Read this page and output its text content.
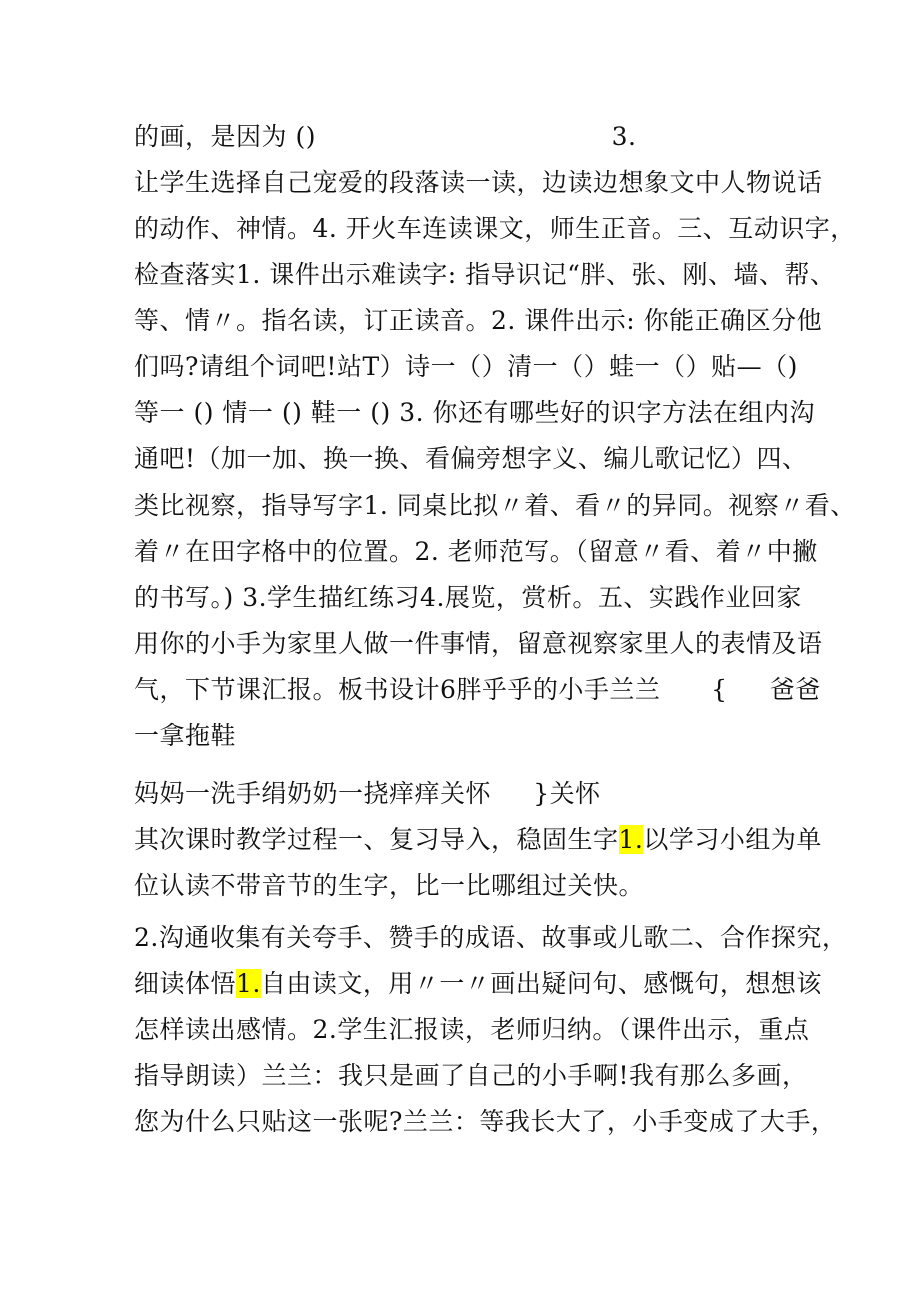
的画，是因为 ()                                   3.
让学生选择自己宠爱的段落读一读，边读边想象文中人物说话
的动作、神情。4. 开火车连读课文，师生正音。三、互动识字，
检查落实1. 课件出示难读字: 指导识记“胖、张、刚、墙、帮、
等、情〃。指名读，订正读音。2. 课件出示: 你能正确区分他
们吗?请组个词吧!站T）诗一（）清一（）蛙一（）贴—（)
等一 () 情一 () 鞋一 () 3. 你还有哪些好的识字方法在组内沟
通吧!（加一加、换一换、看偏旁想字义、编儿歌记忆）四、
类比视察，指导写字1. 同桌比拟〃着、看〃的异同。视察〃看、
着〃在田字格中的位置。2. 老师范写。（留意〃看、着〃中撇
的书写。) 3.学生描红练习4.展览，赏析。五、实践作业回家
用你的小手为家里人做一件事情，留意视察家里人的表情及语
气，下节课汇报。板书设计6胖乎乎的小手兰兰      {     爸爸
一拿拖鞋
妈妈一洗手绢奶奶一挠痒痒关怀     }关怀
其次课时教学过程一、复习导入，稳固生字1.以学习小组为单
位认读不带音节的生字，比一比哪组过关快。
2.沟通收集有关夸手、赞手的成语、故事或儿歌二、合作探究，
细读体悟1.自由读文，用〃一〃画出疑问句、感慨句，想想该
怎样读出感情。2.学生汇报读，老师归纳。（课件出示，重点
指导朗读）兰兰：我只是画了自己的小手啊!我有那么多画，
您为什么只贴这一张呢?兰兰：等我长大了，小手变成了大手，
